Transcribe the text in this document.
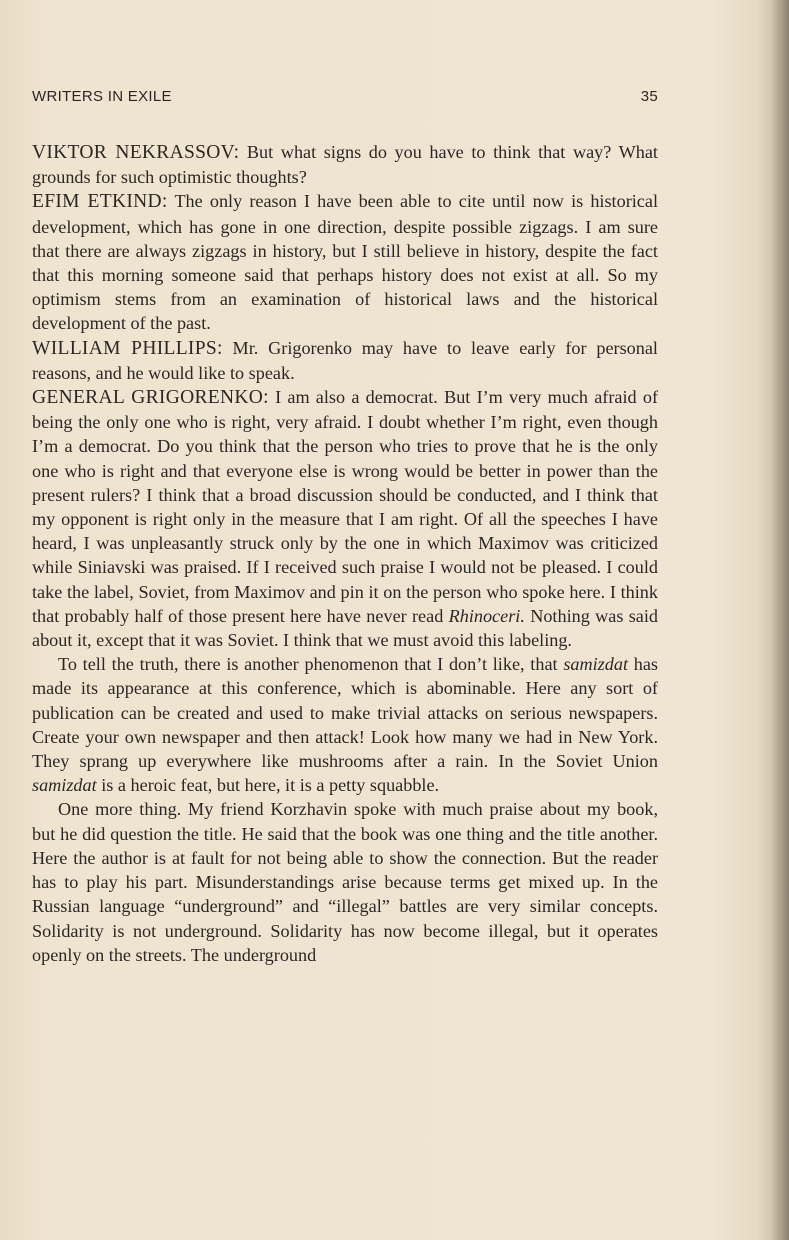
WRITERS IN EXILE	35

VIKTOR NEKRASSOV: But what signs do you have to think that way? What grounds for such optimistic thoughts?

EFIM ETKIND: The only reason I have been able to cite until now is historical development, which has gone in one direction, despite possible zigzags. I am sure that there are always zigzags in history, but I still believe in history, despite the fact that this morning someone said that perhaps history does not exist at all. So my optimism stems from an examination of historical laws and the historical development of the past.

WILLIAM PHILLIPS: Mr. Grigorenko may have to leave early for personal reasons, and he would like to speak.

GENERAL GRIGORENKO: I am also a democrat. But I’m very much afraid of being the only one who is right, very afraid. I doubt whether I’m right, even though I’m a democrat. Do you think that the person who tries to prove that he is the only one who is right and that everyone else is wrong would be better in power than the present rulers? I think that a broad discussion should be conducted, and I think that my opponent is right only in the measure that I am right. Of all the speeches I have heard, I was unpleasantly struck only by the one in which Maximov was criticized while Siniavski was praised. If I received such praise I would not be pleased. I could take the label, Soviet, from Maximov and pin it on the person who spoke here. I think that probably half of those present here have never read Rhinoceri. Nothing was said about it, except that it was Soviet. I think that we must avoid this labeling.

To tell the truth, there is another phenomenon that I don’t like, that samizdat has made its appearance at this conference, which is abominable. Here any sort of publication can be created and used to make trivial attacks on serious newspapers. Create your own newspaper and then attack! Look how many we had in New York. They sprang up everywhere like mushrooms after a rain. In the Soviet Union samizdat is a heroic feat, but here, it is a petty squabble.

One more thing. My friend Korzhavin spoke with much praise about my book, but he did question the title. He said that the book was one thing and the title another. Here the author is at fault for not being able to show the connection. But the reader has to play his part. Misunderstandings arise because terms get mixed up. In the Russian language “underground” and “illegal” battles are very similar concepts. Solidarity is not underground. Solidarity has now become illegal, but it operates openly on the streets. The underground
